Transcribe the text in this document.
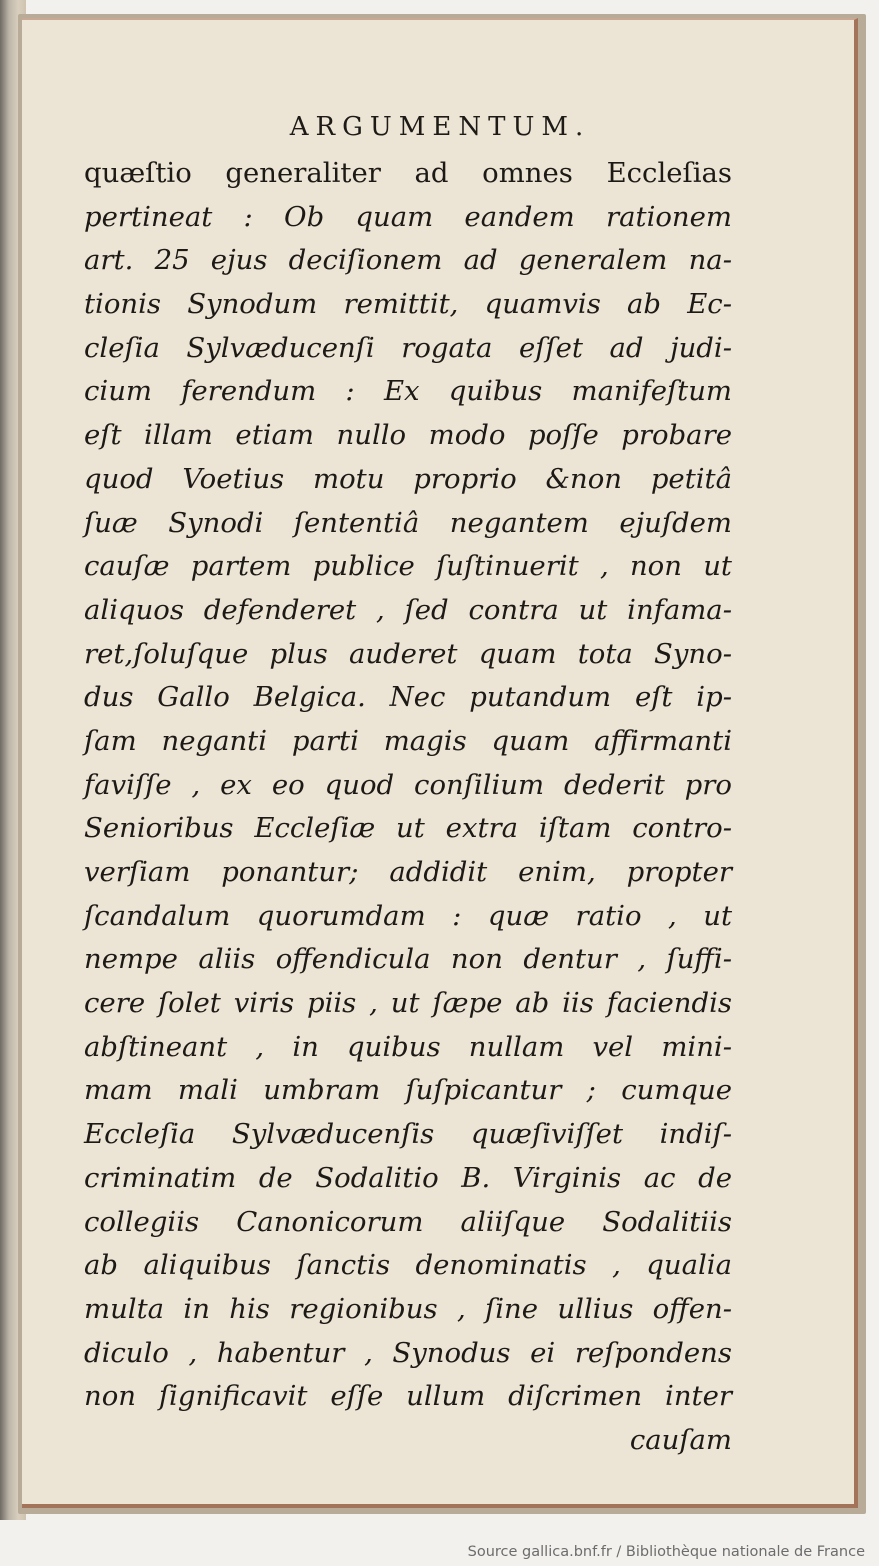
ARGUMENTUM.
quæſtio generaliter ad omnes Eccleſias
pertineat : Ob quam eandem rationem
art. 25 ejus deciſionem ad generalem na-
tionis Synodum remittit, quamvis ab Ec-
cleſia Sylvæducenſi rogata eſſet ad judi-
cium ferendum : Ex quibus manifeſtum
eſt illam etiam nullo modo poſſe probare
quod Voetius motu proprio &non petitâ
ſuæ Synodi ſententiâ negantem ejuſdem
cauſæ partem publice ſuſtinuerit , non ut
aliquos defenderet , ſed contra ut infama-
ret,ſoluſque plus auderet quam tota Syno-
dus Gallo Belgica. Nec putandum eſt ip-
ſam neganti parti magis quam affirmanti
faviſſe , ex eo quod conſilium dederit pro
Senioribus Eccleſiæ ut extra iſtam contro-
verſiam ponantur; addidit enim, propter
ſcandalum quorumdam : quæ ratio , ut
nempe aliis offendicula non dentur , ſuffi-
cere ſolet viris piis , ut ſæpe ab iis faciendis
abſtineant , in quibus nullam vel mini-
mam mali umbram ſuſpicantur ; cumque
Eccleſia Sylvæducenſis quæſiviſſet indiſ-
criminatim de Sodalitio B. Virginis ac de
collegiis Canonicorum aliiſque Sodalitiis
ab aliquibus ſanctis denominatis , qualia
multa in his regionibus , ſine ullius offen-
diculo , habentur , Synodus ei reſpondens
non ſignificavit eſſe ullum diſcrimen inter
cauſam
Source gallica.bnf.fr / Bibliothèque nationale de France
